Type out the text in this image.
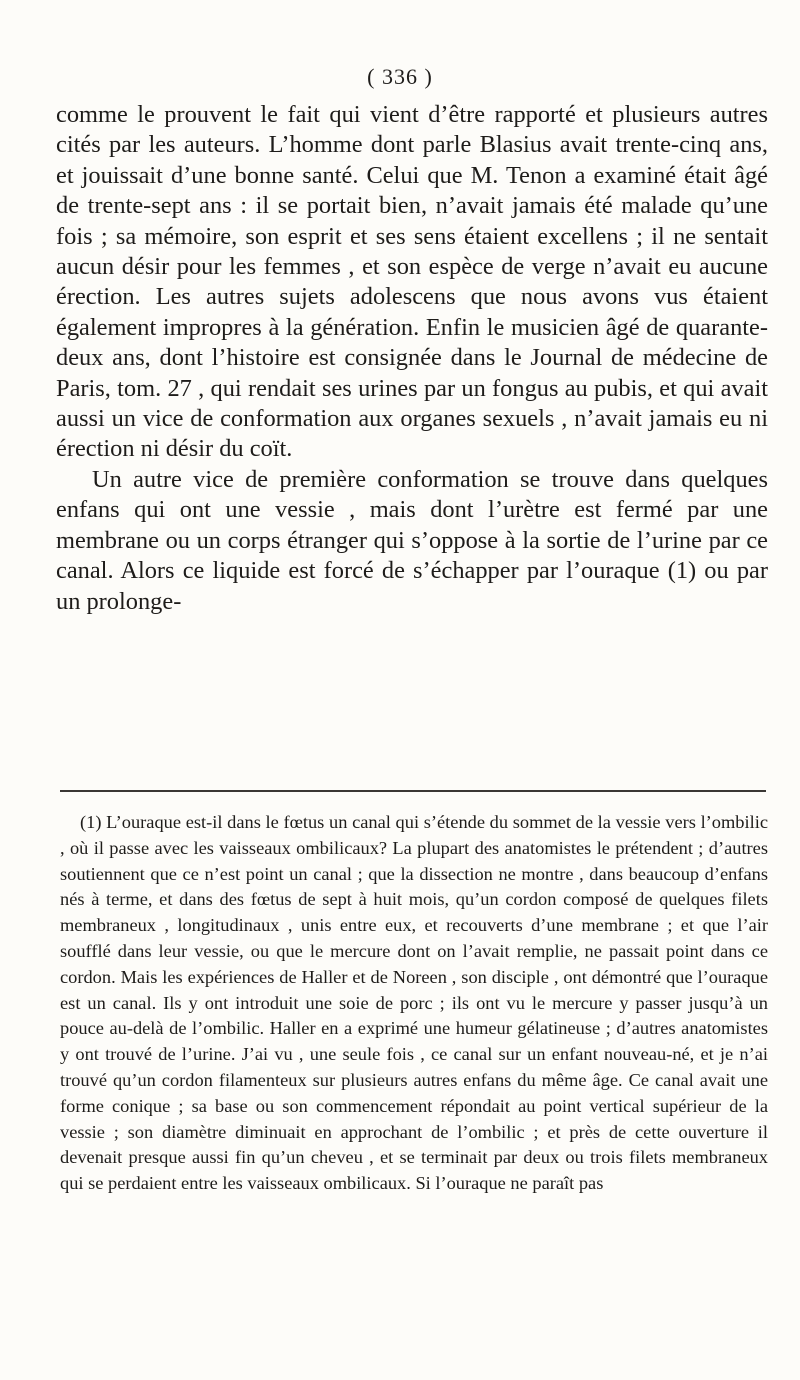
( 336 )

comme le prouvent le fait qui vient d’être rapporté et plusieurs autres cités par les auteurs. L’homme dont parle Blasius avait trente-cinq ans, et jouissait d’une bonne santé. Celui que M. Tenon a examiné était âgé de trente-sept ans : il se portait bien, n’avait jamais été malade qu’une fois ; sa mémoire, son esprit et ses sens étaient excellens ; il ne sentait aucun désir pour les femmes , et son espèce de verge n’avait eu aucune érection. Les autres sujets adolescens que nous avons vus étaient également impropres à la génération. Enfin le musicien âgé de quarante-deux ans, dont l’histoire est consignée dans le Journal de médecine de Paris, tom. 27 , qui rendait ses urines par un fongus au pubis, et qui avait aussi un vice de conformation aux organes sexuels , n’avait jamais eu ni érection ni désir du coït.

Un autre vice de première conformation se trouve dans quelques enfans qui ont une vessie , mais dont l’urètre est fermé par une membrane ou un corps étranger qui s’oppose à la sortie de l’urine par ce canal. Alors ce liquide est forcé de s’échapper par l’ouraque (1) ou par un prolonge-

(1) L’ouraque est-il dans le fœtus un canal qui s’étende du sommet de la vessie vers l’ombilic , où il passe avec les vaisseaux ombilicaux? La plupart des anatomistes le prétendent ; d’autres soutiennent que ce n’est point un canal ; que la dissection ne montre , dans beaucoup d’enfans nés à terme, et dans des fœtus de sept à huit mois, qu’un cordon composé de quelques filets membraneux , longitudinaux , unis entre eux, et recouverts d’une membrane ; et que l’air soufflé dans leur vessie, ou que le mercure dont on l’avait remplie, ne passait point dans ce cordon. Mais les expériences de Haller et de Noreen , son disciple , ont démontré que l’ouraque est un canal. Ils y ont introduit une soie de porc ; ils ont vu le mercure y passer jusqu’à un pouce au-delà de l’ombilic. Haller en a exprimé une humeur gélatineuse ; d’autres anatomistes y ont trouvé de l’urine. J’ai vu , une seule fois , ce canal sur un enfant nouveau-né, et je n’ai trouvé qu’un cordon filamenteux sur plusieurs autres enfans du même âge. Ce canal avait une forme conique ; sa base ou son commencement répondait au point vertical supérieur de la vessie ; son diamètre diminuait en approchant de l’ombilic ; et près de cette ouverture il devenait presque aussi fin qu’un cheveu , et se terminait par deux ou trois filets membraneux qui se perdaient entre les vaisseaux ombilicaux. Si l’ouraque ne paraît pas
